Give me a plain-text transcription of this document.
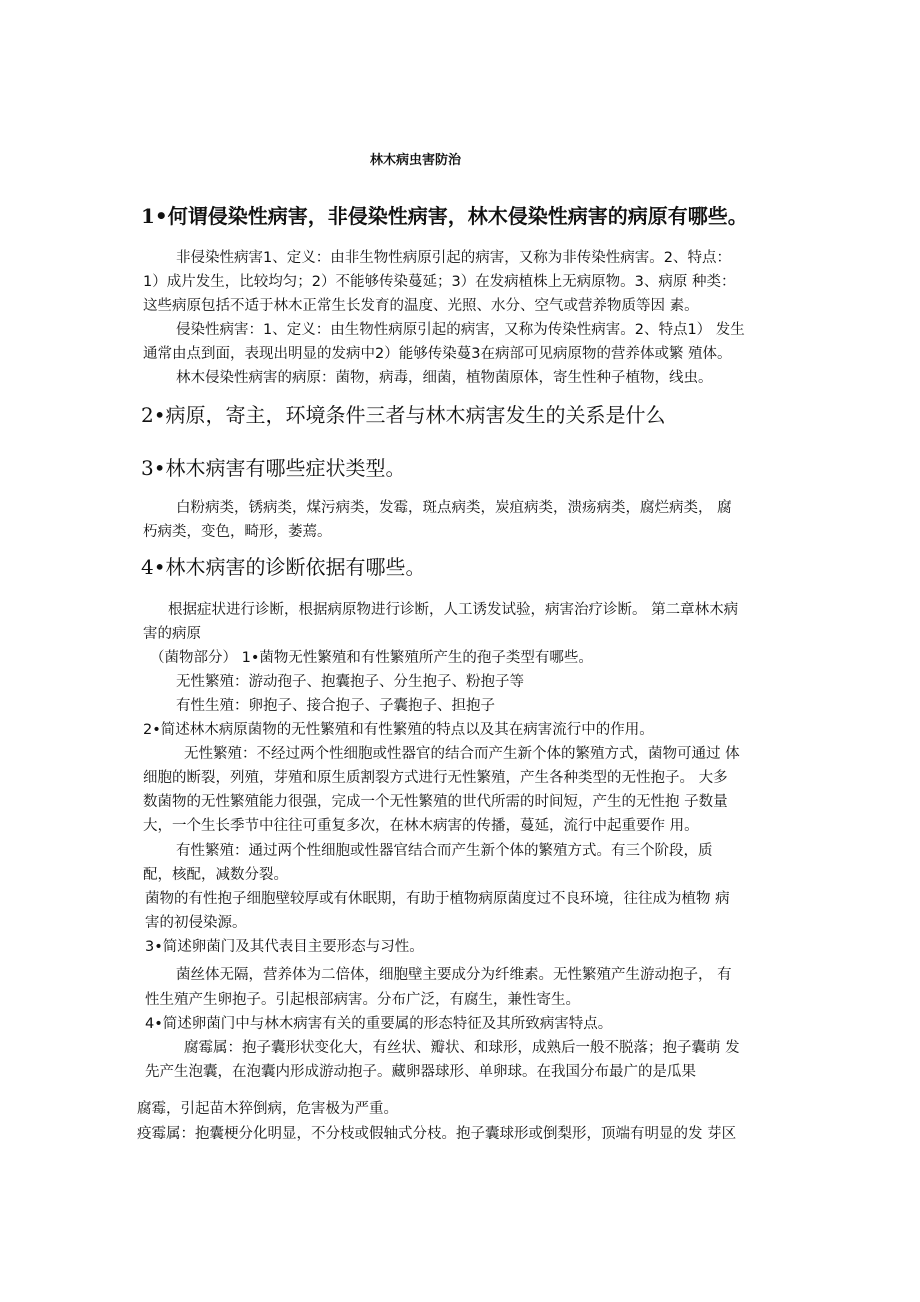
林木病虫害防治
1•何谓侵染性病害，非侵染性病害，林木侵染性病害的病原有哪些。
非侵染性病害1、定义：由非生物性病原引起的病害，又称为非传染性病害。2、特点：
1）成片发生，比较均匀；2）不能够传染蔓延；3）在发病植株上无病原物。3、病原 种类：
这些病原包括不适于林木正常生长发育的温度、光照、水分、空气或营养物质等因 素。
侵染性病害：1、定义：由生物性病原引起的病害，又称为传染性病害。2、特点1） 发生
通常由点到面，表现出明显的发病中2）能够传染蔓3在病部可见病原物的营养体或繁 殖体。
林木侵染性病害的病原：菌物，病毒，细菌，植物菌原体，寄生性种子植物，线虫。
2•病原，寄主，环境条件三者与林木病害发生的关系是什么
3•林木病害有哪些症状类型。
白粉病类，锈病类，煤污病类，发霉，斑点病类，炭疽病类，溃疡病类，腐烂病类， 腐
朽病类，变色，畸形，萎蔫。
4•林木病害的诊断依据有哪些。
根据症状进行诊断，根据病原物进行诊断，人工诱发试验，病害治疗诊断。 第二章林木病
害的病原
（菌物部分） 1•菌物无性繁殖和有性繁殖所产生的孢子类型有哪些。
无性繁殖：游动孢子、抱囊抱子、分生抱子、粉抱子等
有性生殖：卵抱子、接合抱子、子囊抱子、担抱子
2•简述林木病原菌物的无性繁殖和有性繁殖的特点以及其在病害流行中的作用。
无性繁殖：不经过两个性细胞或性器官的结合而产生新个体的繁殖方式，菌物可通过 体
细胞的断裂，列殖，芽殖和原生质割裂方式进行无性繁殖，产生各种类型的无性抱子。 大多
数菌物的无性繁殖能力很强，完成一个无性繁殖的世代所需的时间短，产生的无性抱 子数量
大，一个生长季节中往往可重复多次，在林木病害的传播，蔓延，流行中起重要作 用。
有性繁殖：通过两个性细胞或性器官结合而产生新个体的繁殖方式。有三个阶段，质
配，核配，减数分裂。
菌物的有性抱子细胞壁较厚或有休眠期，有助于植物病原菌度过不良环境，往往成为植物 病
害的初侵染源。
3•简述卵菌门及其代表目主要形态与习性。
菌丝体无隔，营养体为二倍体，细胞壁主要成分为纤维素。无性繁殖产生游动抱子， 有
性生殖产生卵抱子。引起根部病害。分布广泛，有腐生，兼性寄生。
4•简述卵菌门中与林木病害有关的重要属的形态特征及其所致病害特点。
腐霉属：抱子囊形状变化大，有丝状、瓣状、和球形，成熟后一般不脱落；抱子囊萌 发
先产生泡囊，在泡囊内形成游动抱子。藏卵器球形、单卵球。在我国分布最广的是瓜果
腐霉，引起苗木猝倒病，危害极为严重。
疫霉属：抱囊梗分化明显，不分枝或假轴式分枝。抱子囊球形或倒梨形，顶端有明显的发 芽区
